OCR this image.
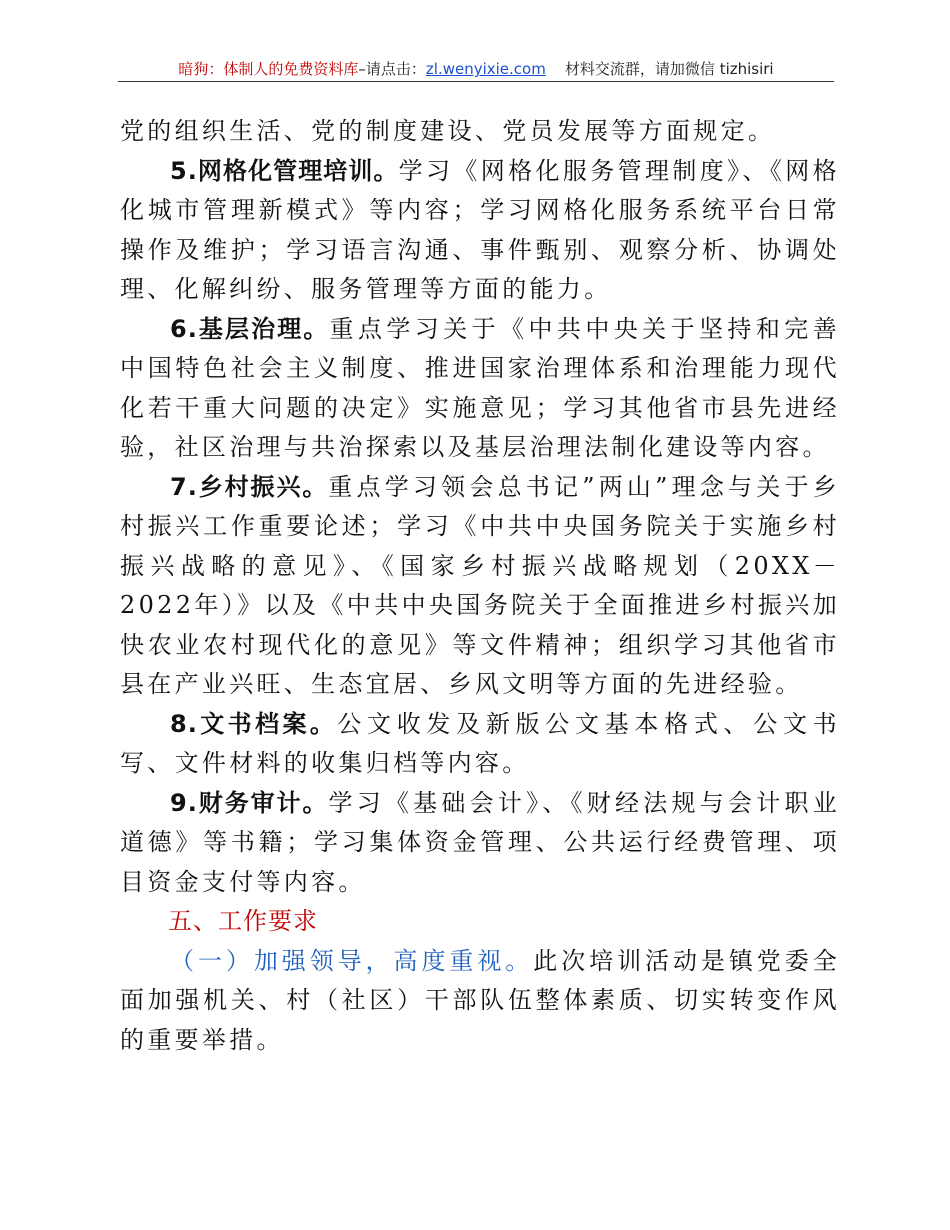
暗狗：体制人的免费资料库–请点击：zl.wenyixie.com 材料交流群，请加微信 tizhisiri

党的组织生活、党的制度建设、党员发展等方面规定。

5.网格化管理培训。学习《网格化服务管理制度》、《网格化城市管理新模式》等内容；学习网格化服务系统平台日常操作及维护；学习语言沟通、事件甄别、观察分析、协调处理、化解纠纷、服务管理等方面的能力。

6.基层治理。重点学习关于《中共中央关于坚持和完善中国特色社会主义制度、推进国家治理体系和治理能力现代化若干重大问题的决定》实施意见；学习其他省市县先进经验，社区治理与共治探索以及基层治理法制化建设等内容。

7.乡村振兴。重点学习领会总书记”两山”理念与关于乡村振兴工作重要论述；学习《中共中央国务院关于实施乡村振兴战略的意见》、《国家乡村振兴战略规划（20XX－2022年）》以及《中共中央国务院关于全面推进乡村振兴加快农业农村现代化的意见》等文件精神；组织学习其他省市县在产业兴旺、生态宜居、乡风文明等方面的先进经验。

8.文书档案。公文收发及新版公文基本格式、公文书写、文件材料的收集归档等内容。

9.财务审计。学习《基础会计》、《财经法规与会计职业道德》等书籍；学习集体资金管理、公共运行经费管理、项目资金支付等内容。

五、工作要求

（一）加强领导，高度重视。此次培训活动是镇党委全面加强机关、村（社区）干部队伍整体素质、切实转变作风的重要举措。
